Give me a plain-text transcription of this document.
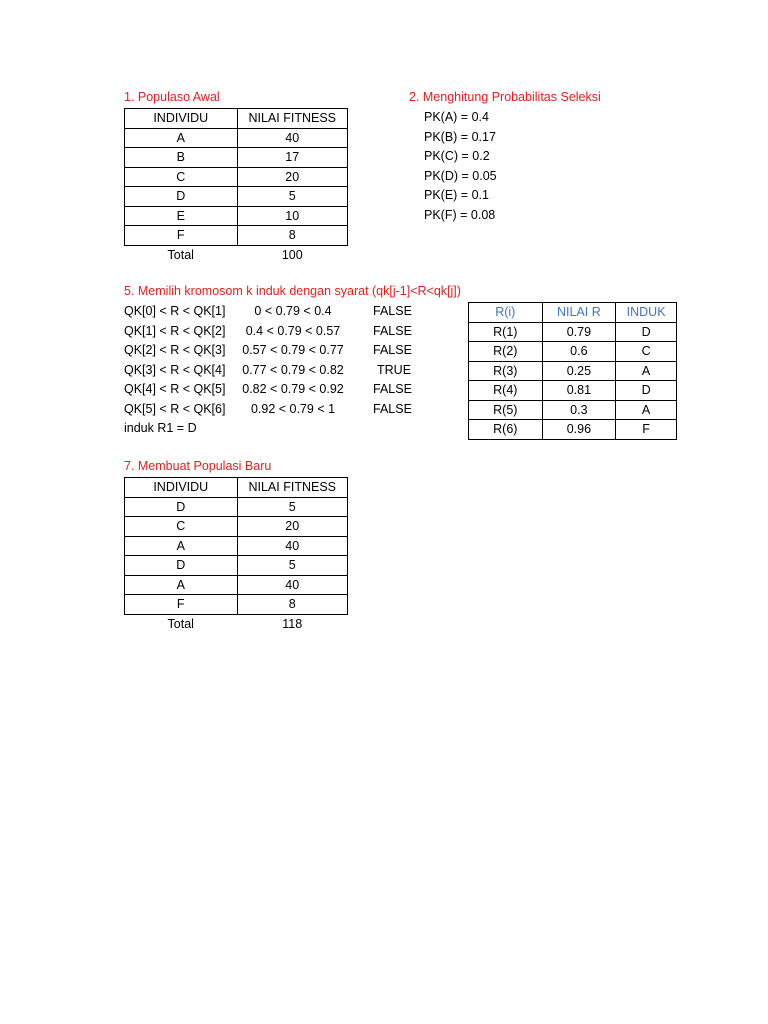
1. Populaso Awal
INDIVIDU	NILAI FITNESS
A	40
B	17
C	20
D	5
E	10
F	8
Total	100
2. Menghitung Probabilitas Seleksi
PK(A) = 0.4
PK(B) = 0.17
PK(C) = 0.2
PK(D) = 0.05
PK(E) = 0.1
PK(F) = 0.08
5. Memilih kromosom k induk dengan syarat (qk[j-1]<R<qk[j])
QK[0] < R < QK[1]	0 < 0.79 < 0.4	FALSE
QK[1] < R < QK[2]	0.4 < 0.79 < 0.57	FALSE
QK[2] < R < QK[3]	0.57 < 0.79 < 0.77	FALSE
QK[3] < R < QK[4]	0.77 < 0.79 < 0.82	TRUE
QK[4] < R < QK[5]	0.82 < 0.79 < 0.92	FALSE
QK[5] < R < QK[6]	0.92 < 0.79 < 1	FALSE
induk R1 = D
R(i)	NILAI R	INDUK
R(1)	0.79	D
R(2)	0.6	C
R(3)	0.25	A
R(4)	0.81	D
R(5)	0.3	A
R(6)	0.96	F
7. Membuat Populasi Baru
INDIVIDU	NILAI FITNESS
D	5
C	20
A	40
D	5
A	40
F	8
Total	118
